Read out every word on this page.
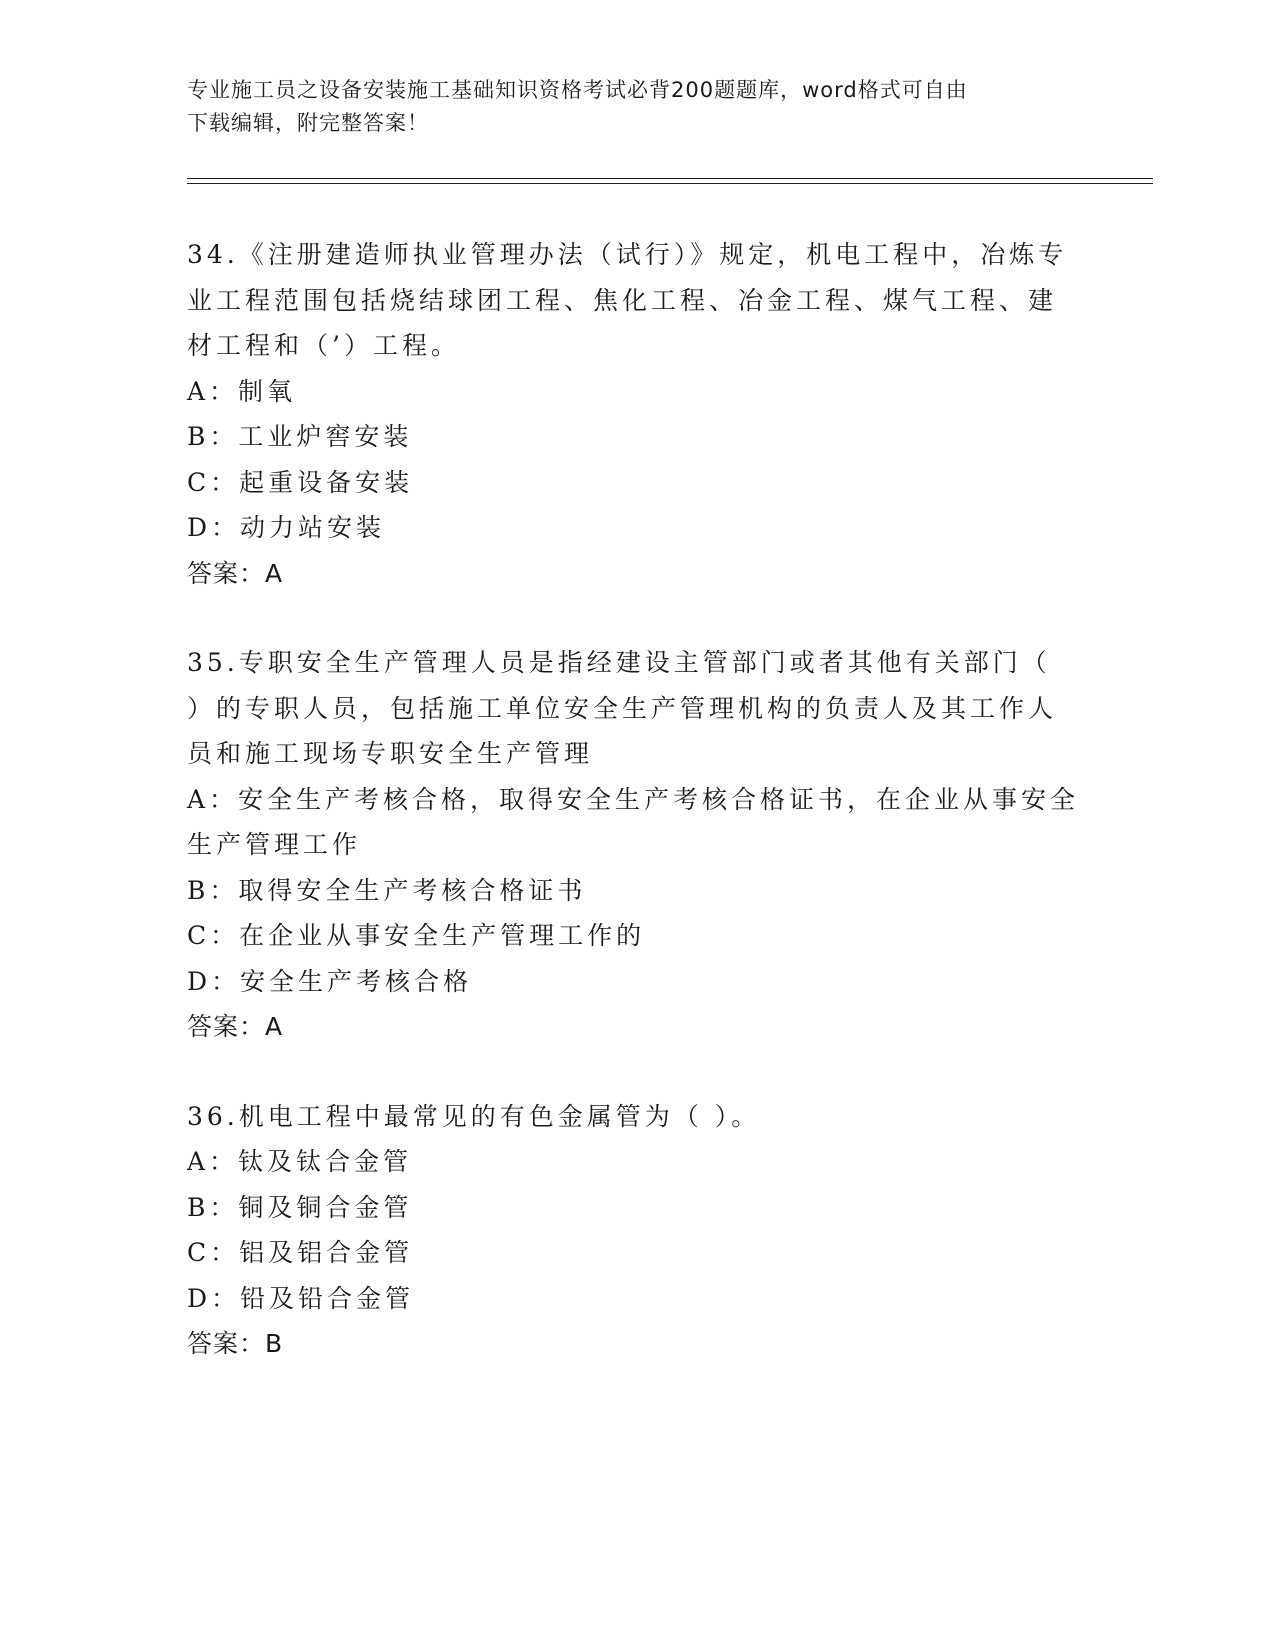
专业施工员之设备安装施工基础知识资格考试必背200题题库，word格式可自由
下载编辑，附完整答案！
34.《注册建造师执业管理办法（试行）》规定，机电工程中，冶炼专
业工程范围包括烧结球团工程、焦化工程、冶金工程、煤气工程、建
材工程和（’）工程。
A：制氧
B：工业炉窖安装
C：起重设备安装
D：动力站安装
答案：A
35.专职安全生产管理人员是指经建设主管部门或者其他有关部门（
）的专职人员，包括施工单位安全生产管理机构的负责人及其工作人
员和施工现场专职安全生产管理
A：安全生产考核合格，取得安全生产考核合格证书，在企业从事安全
生产管理工作
B：取得安全生产考核合格证书
C：在企业从事安全生产管理工作的
D：安全生产考核合格
答案：A
36.机电工程中最常见的有色金属管为（ ）。
A：钛及钛合金管
B：铜及铜合金管
C：铝及铝合金管
D：铅及铅合金管
答案：B
